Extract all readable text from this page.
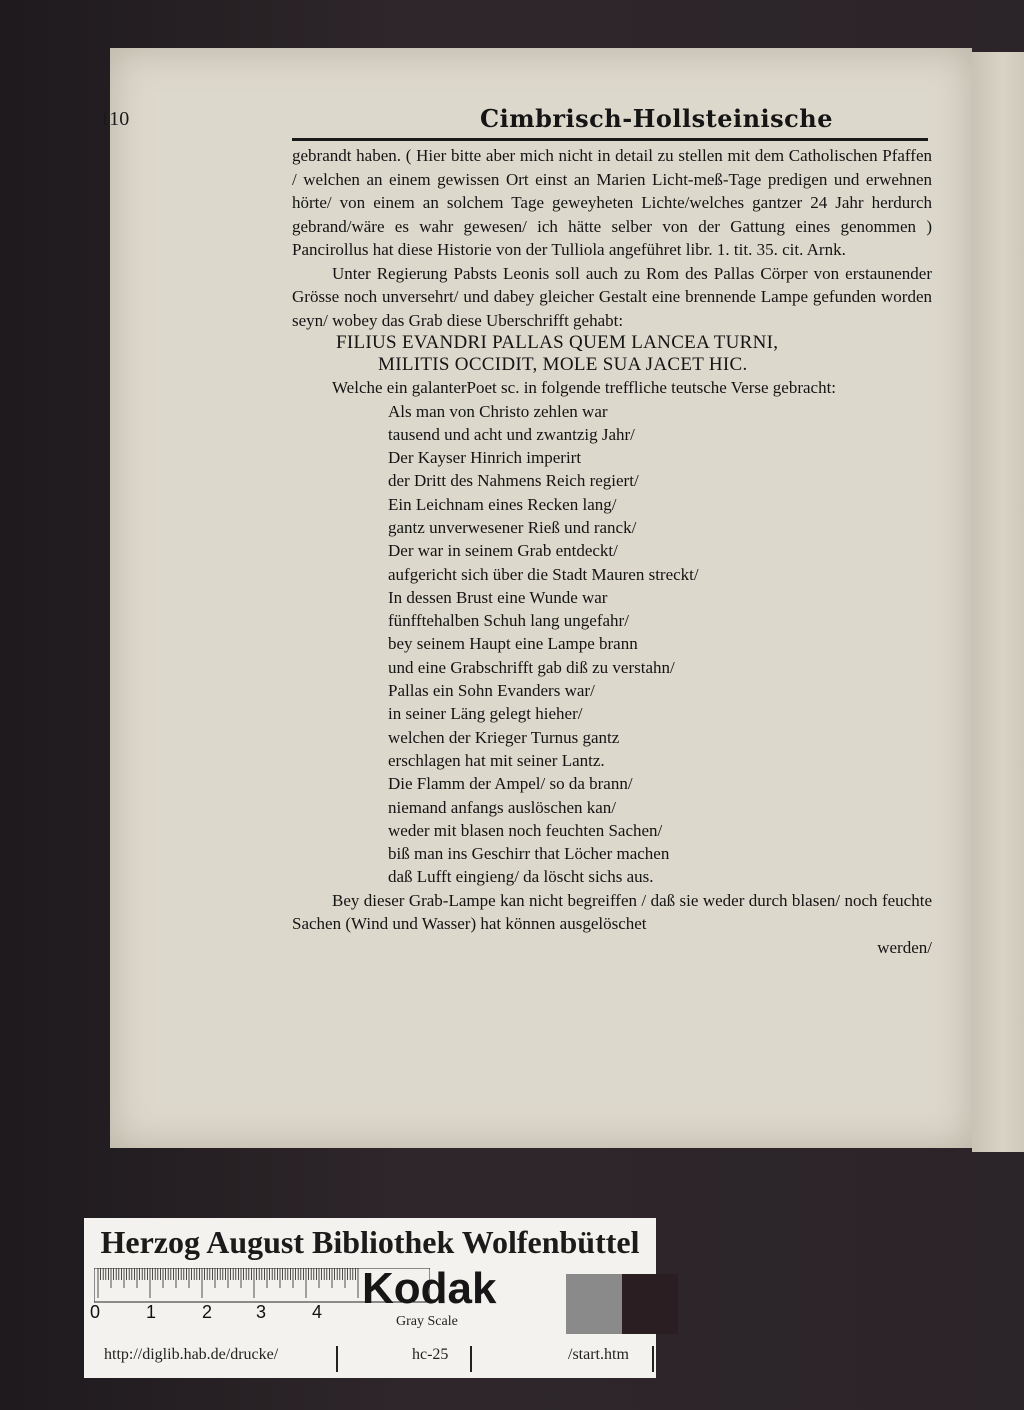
110	Cimbrisch-Hollsteinische

gebrandt haben. ( Hier bitte aber mich nicht in detail zu stellen mit dem Catholischen Pfaffen / welchen an einem gewissen Ort einst an Marien Licht-meß-Tage predigen und erwehnen hörte/ von einem an solchem Tage geweyheten Lichte/welches gantzer 24 Jahr herdurch gebrand/wäre es wahr gewesen/ ich hätte selber von der Gattung eines genommen ) Pancirollus hat diese Historie von der Tulliola angeführet libr. 1. tit. 35. cit. Arnk.

Unter Regierung Pabsts Leonis soll auch zu Rom des Pallas Cörper von erstaunender Grösse noch unversehrt/ und dabey gleicher Gestalt eine brennende Lampe gefunden worden seyn/ wobey das Grab diese Uberschrifft gehabt:

FILIUS EVANDRI PALLAS QUEM LANCEA TURNI,
MILITIS OCCIDIT, MOLE SUA JACET HIC.

Welche ein galanterPoet sc. in folgende treffliche teutsche Verse gebracht:

Als man von Christo zehlen war
tausend und acht und zwantzig Jahr/
Der Kayser Hinrich imperirt
der Dritt des Nahmens Reich regiert/
Ein Leichnam eines Recken lang/
gantz unverwesener Rieß und ranck/
Der war in seinem Grab entdeckt/
aufgericht sich über die Stadt Mauren streckt/
In dessen Brust eine Wunde war
fünfftehalben Schuh lang ungefahr/
bey seinem Haupt eine Lampe brann
und eine Grabschrifft gab diß zu verstahn/
Pallas ein Sohn Evanders war/
in seiner Läng gelegt hieher/
welchen der Krieger Turnus gantz
erschlagen hat mit seiner Lantz.
Die Flamm der Ampel/ so da brann/
niemand anfangs auslöschen kan/
weder mit blasen noch feuchten Sachen/
biß man ins Geschirr that Löcher machen
daß Lufft eingieng/ da löscht sichs aus.

Bey dieser Grab-Lampe kan nicht begreiffen / daß sie weder durch blasen/ noch feuchte Sachen (Wind und Wasser) hat können ausgelöschet

werden/

Herzog August Bibliothek Wolfenbüttel
0	1	2 3	4 Kodak
Gray Scale
http://diglib.hab.de/drucke/	hc-25	/start.htm
